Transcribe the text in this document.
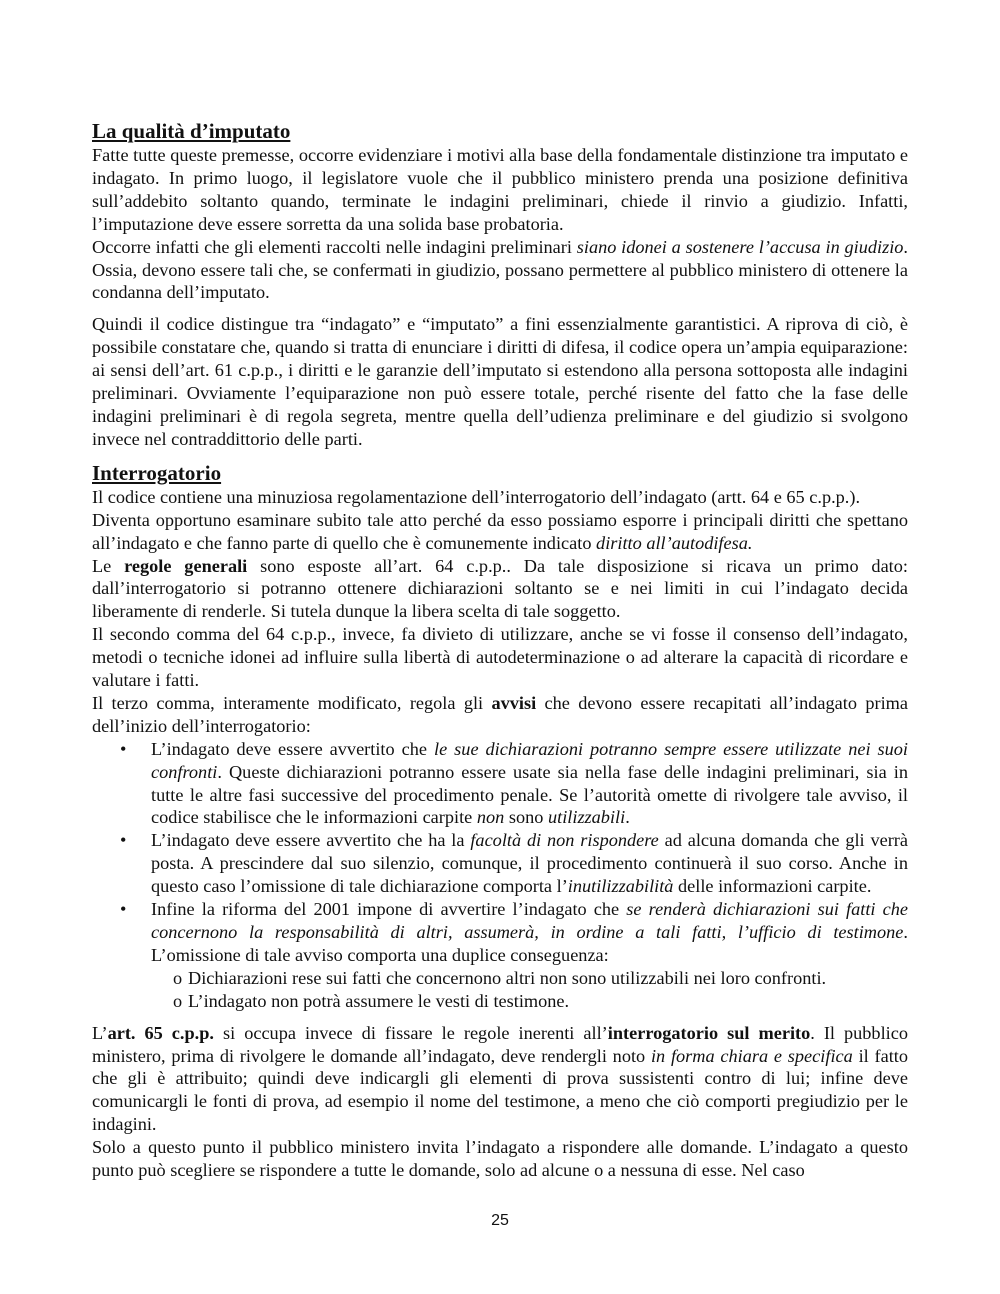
La qualità d’imputato

Fatte tutte queste premesse, occorre evidenziare i motivi alla base della fondamentale distinzione tra imputato e indagato. In primo luogo, il legislatore vuole che il pubblico ministero prenda una posizione definitiva sull’addebito soltanto quando, terminate le indagini preliminari, chiede il rinvio a giudizio. Infatti, l’imputazione deve essere sorretta da una solida base probatoria.

Occorre infatti che gli elementi raccolti nelle indagini preliminari siano idonei a sostenere l’accusa in giudizio. Ossia, devono essere tali che, se confermati in giudizio, possano permettere al pubblico ministero di ottenere la condanna dell’imputato.

Quindi il codice distingue tra “indagato” e “imputato” a fini essenzialmente garantistici. A riprova di ciò, è possibile constatare che, quando si tratta di enunciare i diritti di difesa, il codice opera un’ampia equiparazione: ai sensi dell’art. 61 c.p.p., i diritti e le garanzie dell’imputato si estendono alla persona sottoposta alle indagini preliminari. Ovviamente l’equiparazione non può essere totale, perché risente del fatto che la fase delle indagini preliminari è di regola segreta, mentre quella dell’udienza preliminare e del giudizio si svolgono invece nel contraddittorio delle parti.

Interrogatorio

Il codice contiene una minuziosa regolamentazione dell’interrogatorio dell’indagato (artt. 64 e 65 c.p.p.).

Diventa opportuno esaminare subito tale atto perché da esso possiamo esporre i principali diritti che spettano all’indagato e che fanno parte di quello che è comunemente indicato diritto all’autodifesa.

Le regole generali sono esposte all’art. 64 c.p.p.. Da tale disposizione si ricava un primo dato: dall’interrogatorio si potranno ottenere dichiarazioni soltanto se e nei limiti in cui l’indagato decida liberamente di renderle. Si tutela dunque la libera scelta di tale soggetto.

Il secondo comma del 64 c.p.p., invece, fa divieto di utilizzare, anche se vi fosse il consenso dell’indagato, metodi o tecniche idonei ad influire sulla libertà di autodeterminazione o ad alterare la capacità di ricordare e valutare i fatti.

Il terzo comma, interamente modificato, regola gli avvisi che devono essere recapitati all’indagato prima dell’inizio dell’interrogatorio:

• L’indagato deve essere avvertito che le sue dichiarazioni potranno sempre essere utilizzate nei suoi confronti. Queste dichiarazioni potranno essere usate sia nella fase delle indagini preliminari, sia in tutte le altre fasi successive del procedimento penale. Se l’autorità omette di rivolgere tale avviso, il codice stabilisce che le informazioni carpite non sono utilizzabili.
• L’indagato deve essere avvertito che ha la facoltà di non rispondere ad alcuna domanda che gli verrà posta. A prescindere dal suo silenzio, comunque, il procedimento continuerà il suo corso. Anche in questo caso l’omissione di tale dichiarazione comporta l’inutilizzabilità delle informazioni carpite.
• Infine la riforma del 2001 impone di avvertire l’indagato che se renderà dichiarazioni sui fatti che concernono la responsabilità di altri, assumerà, in ordine a tali fatti, l’ufficio di testimone. L’omissione di tale avviso comporta una duplice conseguenza:
o Dichiarazioni rese sui fatti che concernono altri non sono utilizzabili nei loro confronti.
o L’indagato non potrà assumere le vesti di testimone.

L’art. 65 c.p.p. si occupa invece di fissare le regole inerenti all’interrogatorio sul merito. Il pubblico ministero, prima di rivolgere le domande all’indagato, deve rendergli noto in forma chiara e specifica il fatto che gli è attribuito; quindi deve indicargli gli elementi di prova sussistenti contro di lui; infine deve comunicargli le fonti di prova, ad esempio il nome del testimone, a meno che ciò comporti pregiudizio per le indagini.

Solo a questo punto il pubblico ministero invita l’indagato a rispondere alle domande. L’indagato a questo punto può scegliere se rispondere a tutte le domande, solo ad alcune o a nessuna di esse. Nel caso

25
